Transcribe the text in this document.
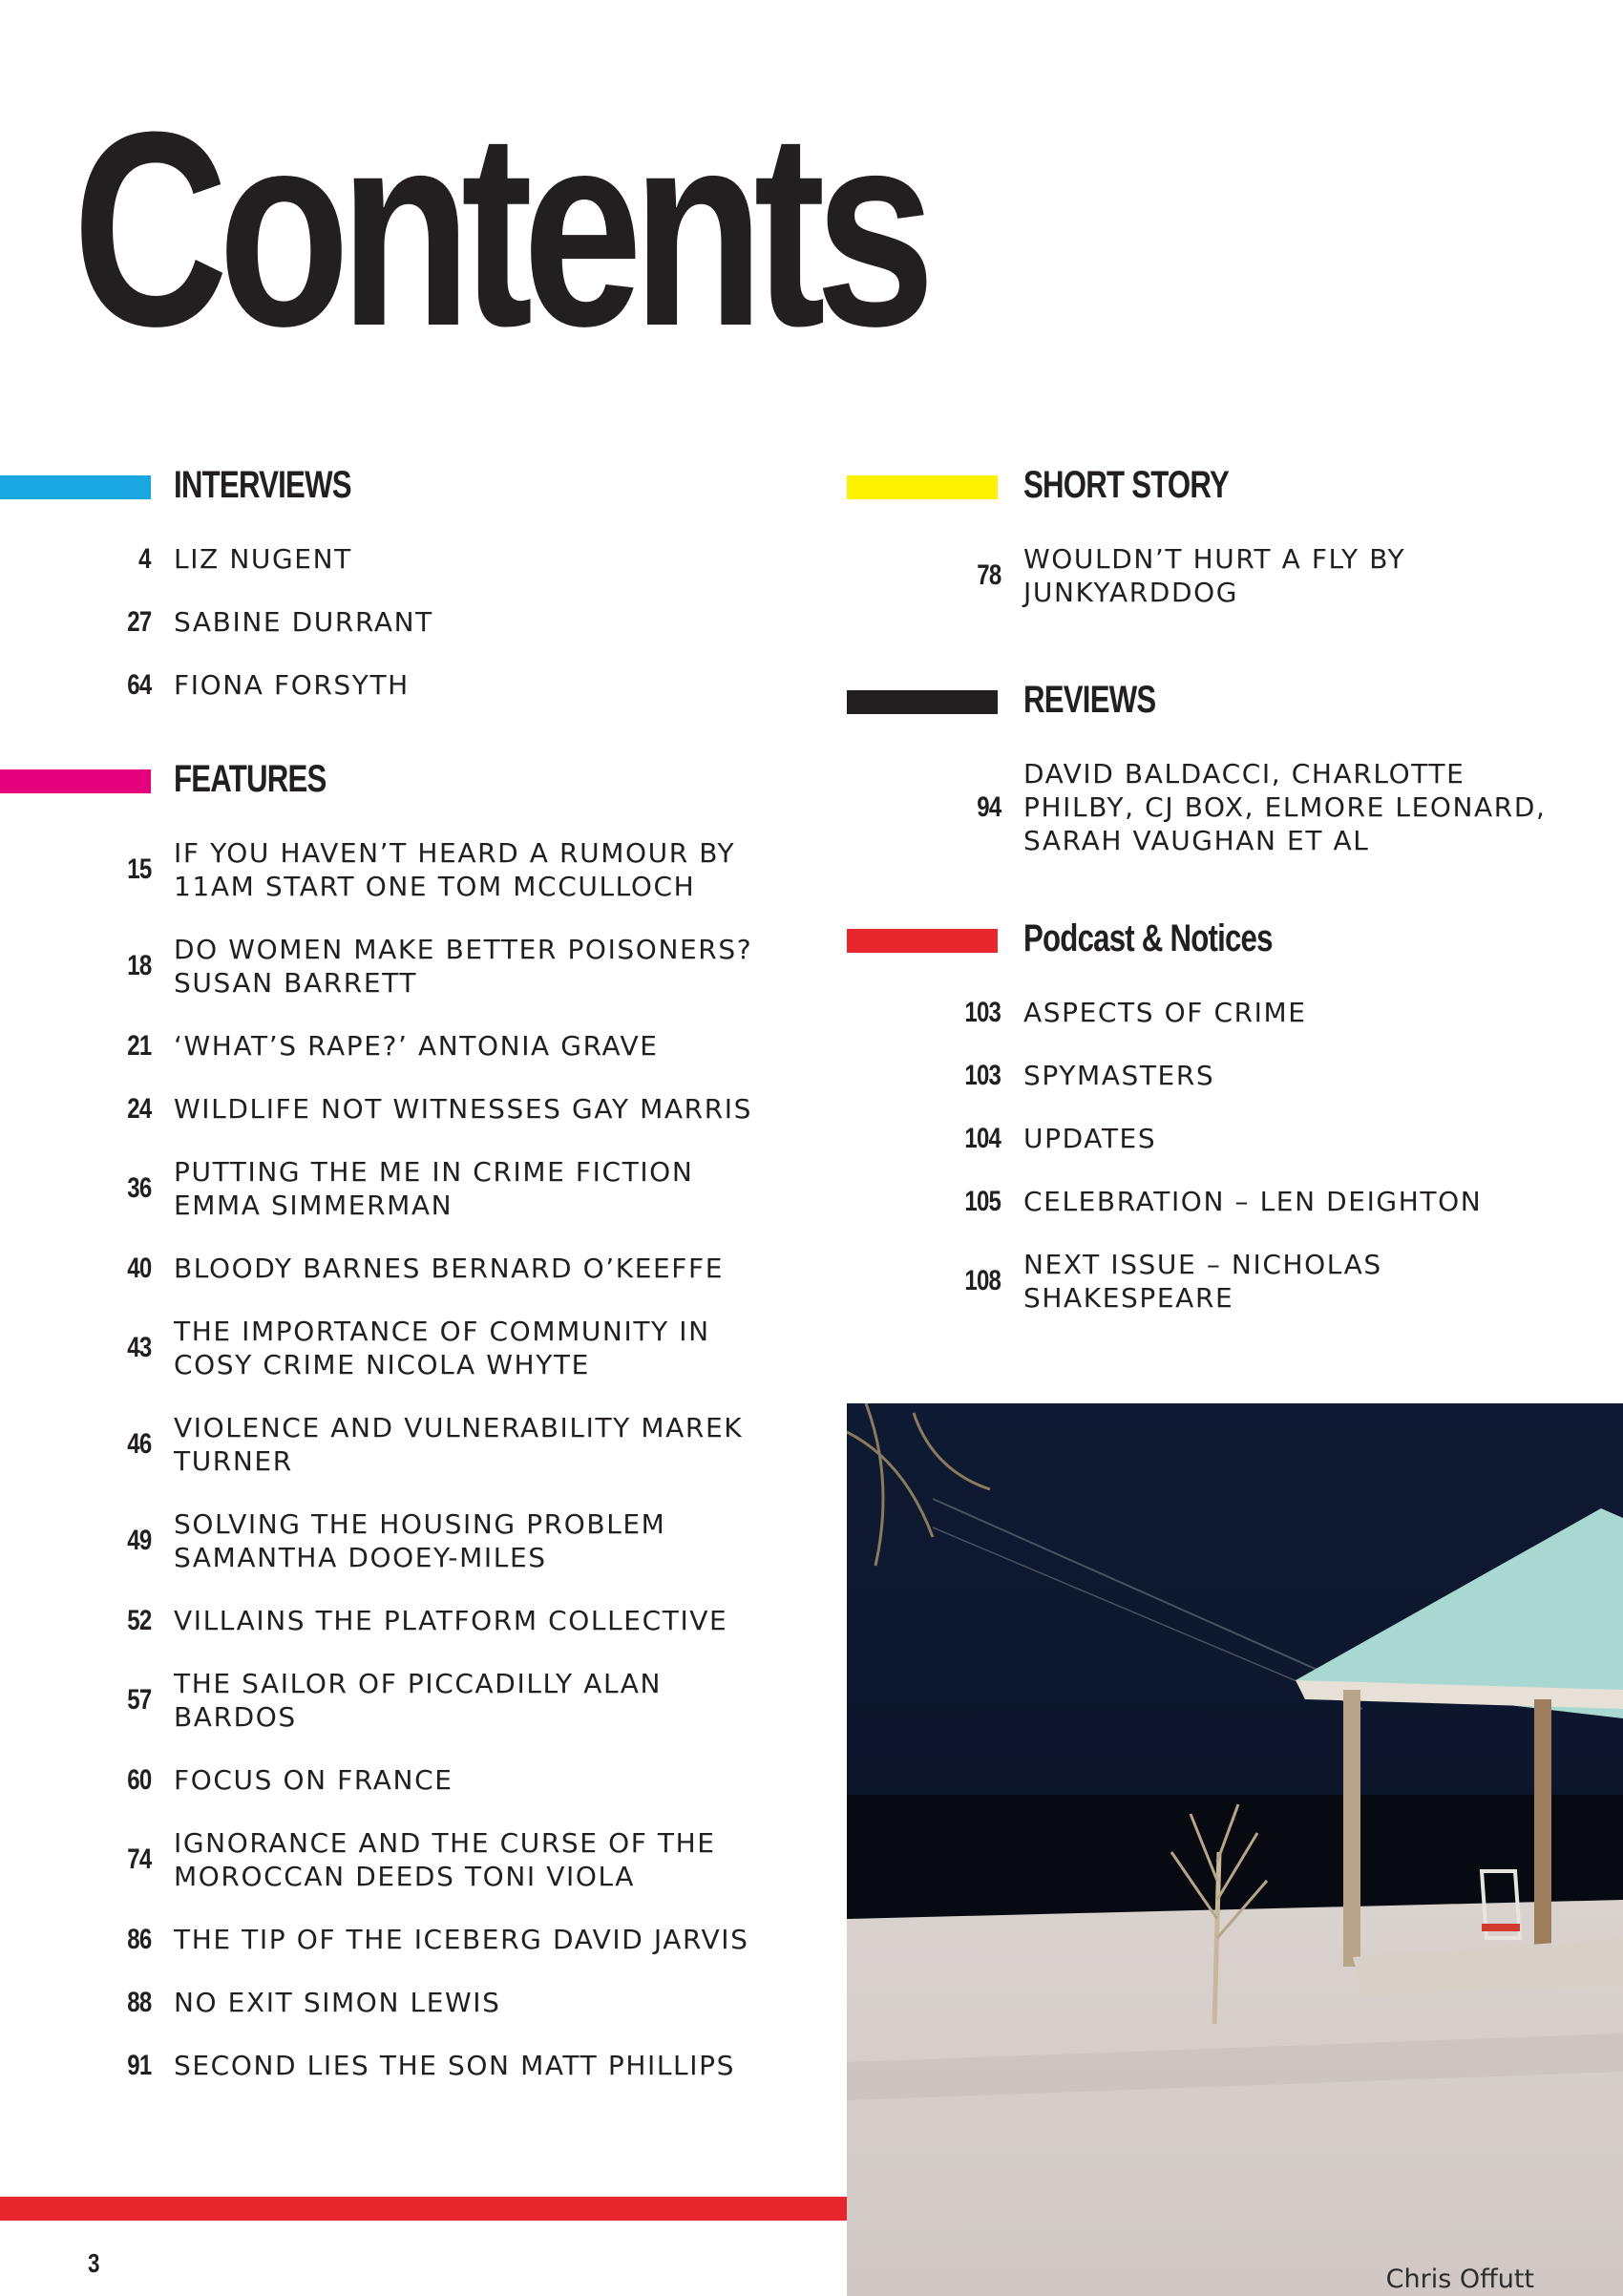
Contents
INTERVIEWS
4 LIZ NUGENT
27 SABINE DURRANT
64 FIONA FORSYTH
FEATURES
15
IF YOU HAVEN’T HEARD A RUMOUR BY 11AM START ONE TOM MCCULLOCH
18
DO WOMEN MAKE BETTER POISONERS? SUSAN BARRETT
21 ‘WHAT’S RAPE?’ ANTONIA GRAVE
24 WILDLIFE NOT WITNESSES GAY MARRIS
36
PUTTING THE ME IN CRIME FICTION EMMA SIMMERMAN
40 BLOODY BARNES BERNARD O’KEEFFE
43
THE IMPORTANCE OF COMMUNITY IN COSY CRIME NICOLA WHYTE
46
VIOLENCE AND VULNERABILITY MAREK TURNER
49
SOLVING THE HOUSING PROBLEM SAMANTHA DOOEY-MILES
52 VILLAINS THE PLATFORM COLLECTIVE
57
THE SAILOR OF PICCADILLY ALAN BARDOS
60 FOCUS ON FRANCE
74
IGNORANCE AND THE CURSE OF THE MOROCCAN DEEDS TONI VIOLA
86 THE TIP OF THE ICEBERG DAVID JARVIS
88 NO EXIT SIMON LEWIS
91 SECOND LIES THE SON MATT PHILLIPS
SHORT STORY
78
WOULDN’T HURT A FLY BY JUNKYARDDOG
REVIEWS
94
DAVID BALDACCI, CHARLOTTE PHILBY, CJ BOX, ELMORE LEONARD, SARAH VAUGHAN ET AL
Podcast & Notices
103 ASPECTS OF CRIME
103 SPYMASTERS
104 UPDATES
105 CELEBRATION – LEN DEIGHTON
108
NEXT ISSUE – NICHOLAS SHAKESPEARE
Chris Offutt
3
